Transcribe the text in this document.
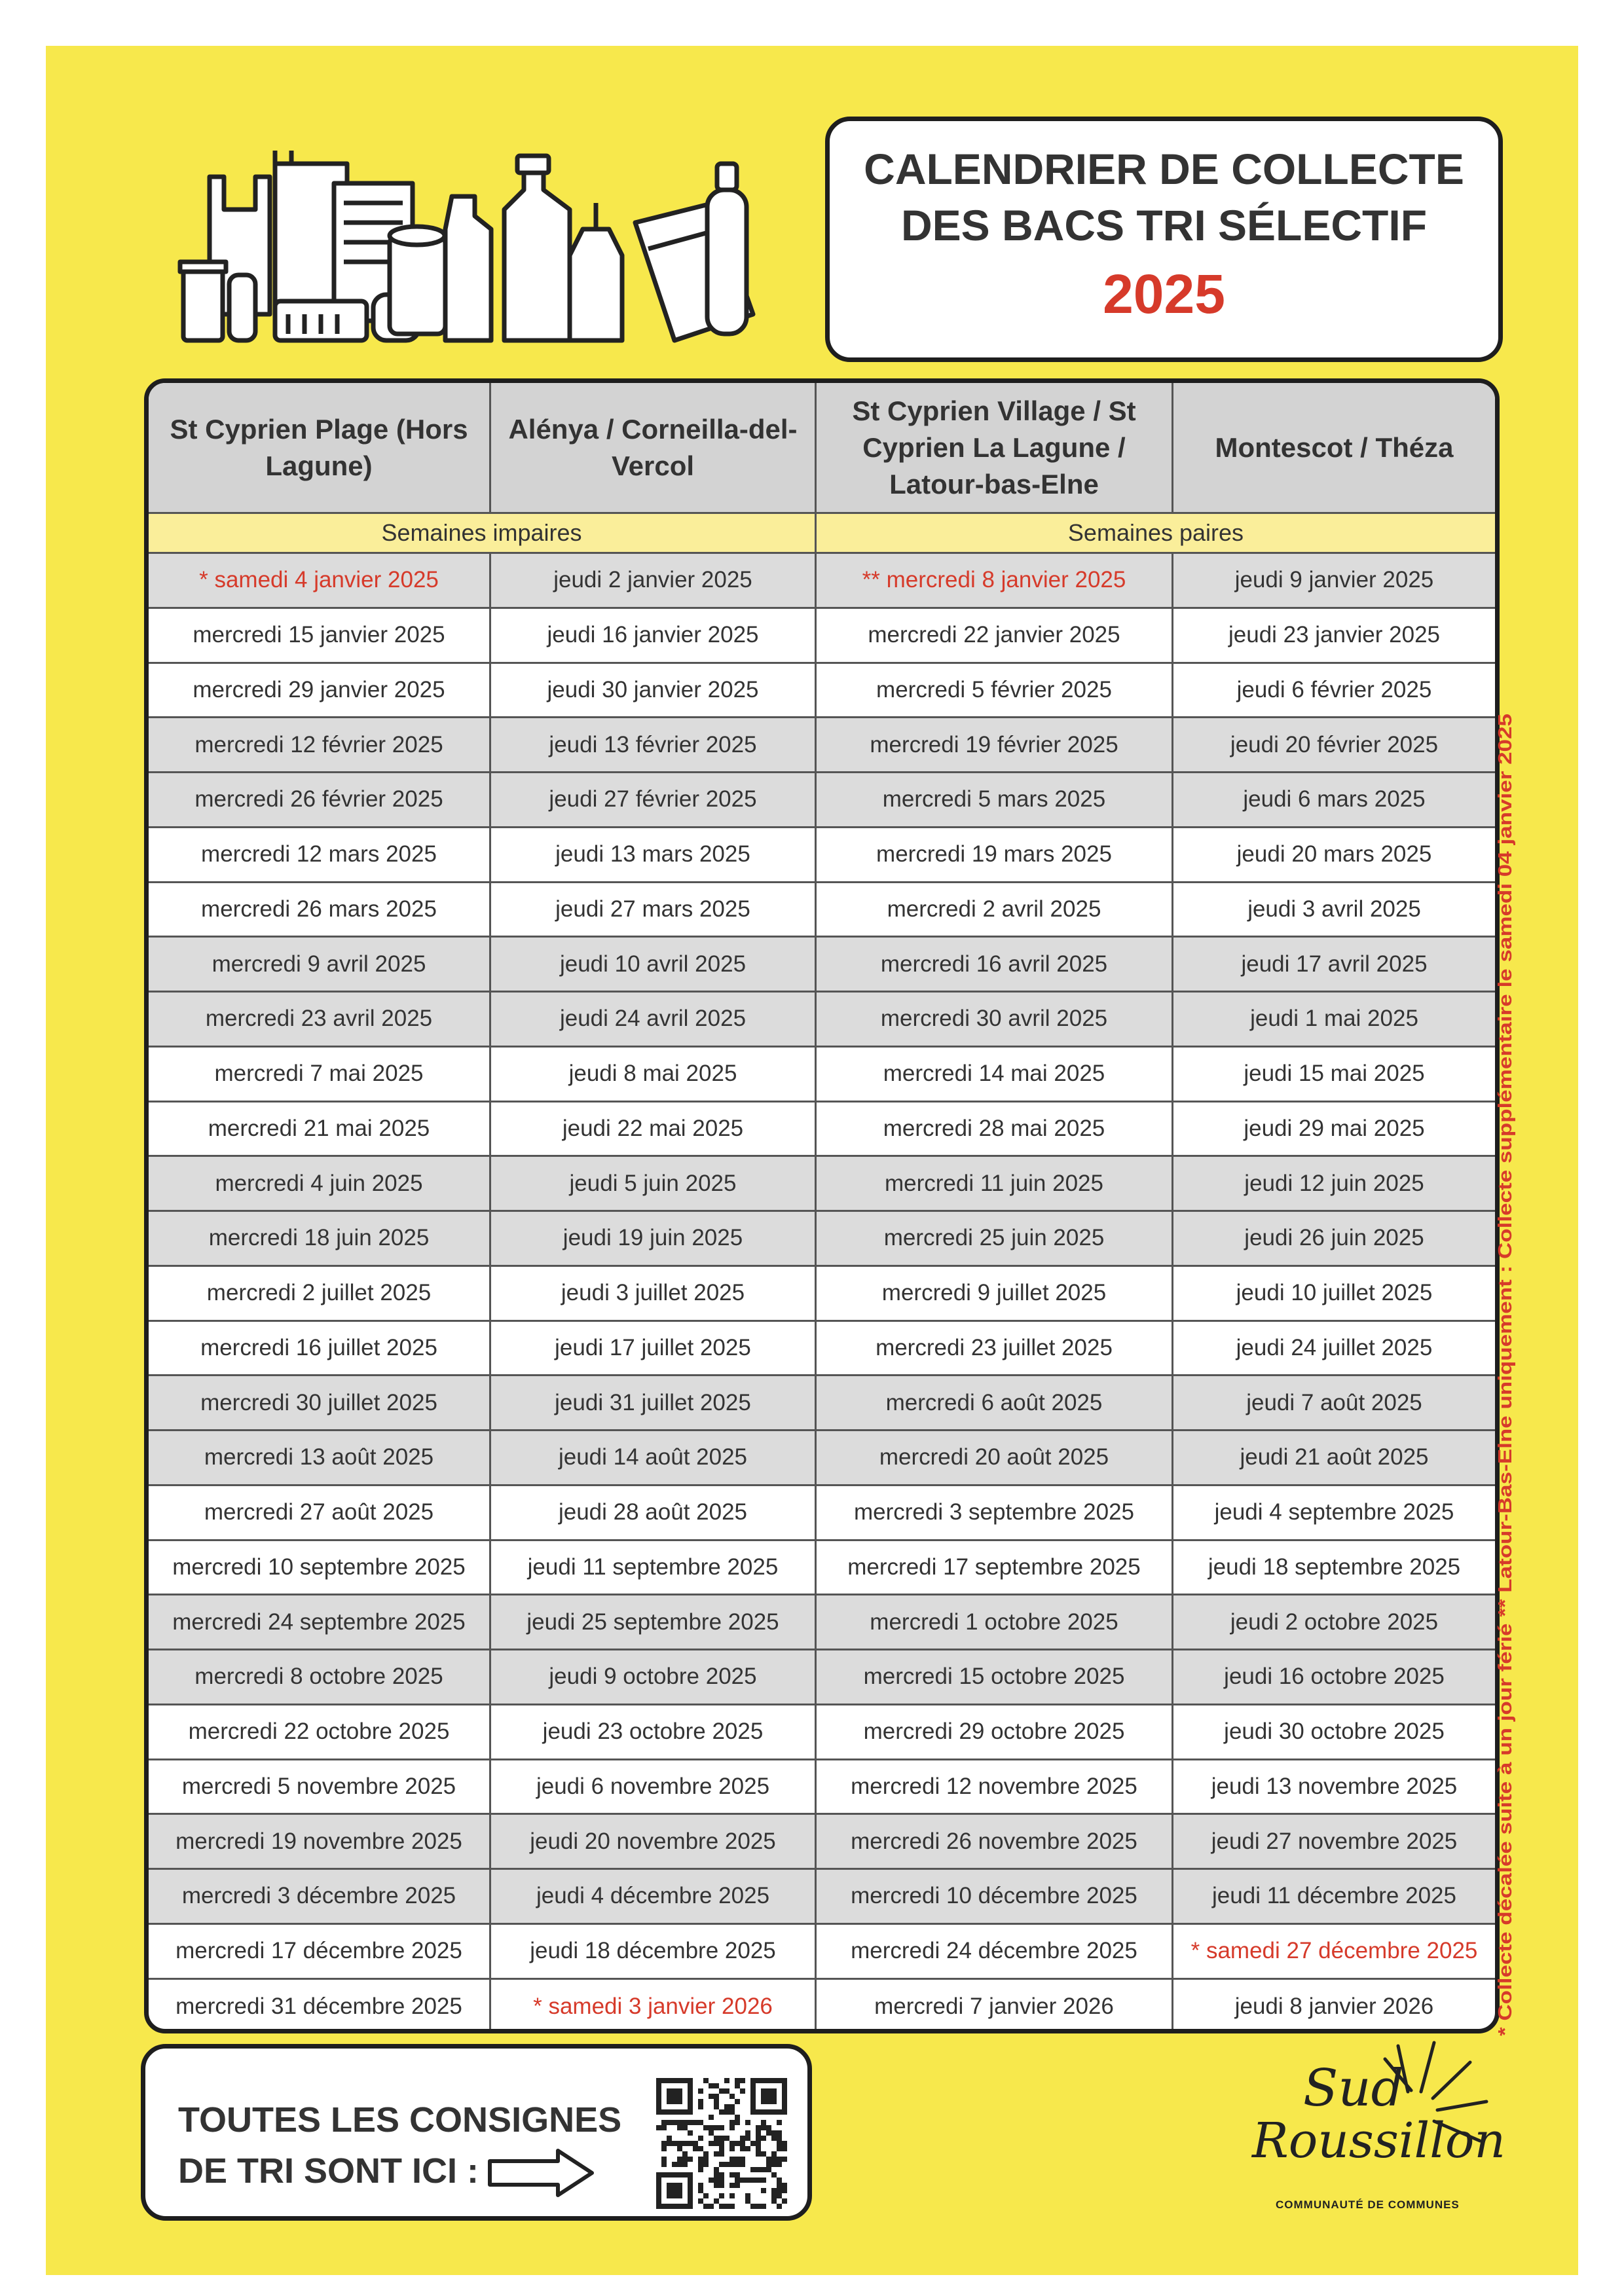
CALENDRIER DE COLLECTE
DES BACS TRI SÉLECTIF
2025
St Cyprien Plage (Hors Lagune)
Alénya / Corneilla-del-Vercol
St Cyprien Village / St Cyprien La Lagune / Latour-bas-Elne
Montescot / Théza
Semaines impaires	Semaines paires
* samedi 4 janvier 2025	jeudi 2 janvier 2025	** mercredi 8 janvier 2025	jeudi 9 janvier 2025
mercredi 15 janvier 2025	jeudi 16 janvier 2025	mercredi 22 janvier 2025	jeudi 23 janvier 2025
mercredi 29 janvier 2025	jeudi 30 janvier 2025	mercredi 5 février 2025	jeudi 6 février 2025
mercredi 12 février 2025	jeudi 13 février 2025	mercredi 19 février 2025	jeudi 20 février 2025
mercredi 26 février 2025	jeudi 27 février 2025	mercredi 5 mars 2025	jeudi 6 mars 2025
mercredi 12 mars 2025	jeudi 13 mars 2025	mercredi 19 mars 2025	jeudi 20 mars 2025
mercredi 26 mars 2025	jeudi 27 mars 2025	mercredi 2 avril 2025	jeudi 3 avril 2025
mercredi 9 avril 2025	jeudi 10 avril 2025	mercredi 16 avril 2025	jeudi 17 avril 2025
mercredi 23 avril 2025	jeudi 24 avril 2025	mercredi 30 avril 2025	jeudi 1 mai 2025
mercredi 7 mai 2025	jeudi 8 mai 2025	mercredi 14 mai 2025	jeudi 15 mai 2025
mercredi 21 mai 2025	jeudi 22 mai 2025	mercredi 28 mai 2025	jeudi 29 mai 2025
mercredi 4 juin 2025	jeudi 5 juin 2025	mercredi 11 juin 2025	jeudi 12 juin 2025
mercredi 18 juin 2025	jeudi 19 juin 2025	mercredi 25 juin 2025	jeudi 26 juin 2025
mercredi 2 juillet 2025	jeudi 3 juillet 2025	mercredi 9 juillet 2025	jeudi 10 juillet 2025
mercredi 16 juillet 2025	jeudi 17 juillet 2025	mercredi 23 juillet 2025	jeudi 24 juillet 2025
mercredi 30 juillet 2025	jeudi 31 juillet 2025	mercredi 6 août 2025	jeudi 7 août 2025
mercredi 13 août 2025	jeudi 14 août 2025	mercredi 20 août 2025	jeudi 21 août 2025
mercredi 27 août 2025	jeudi 28 août 2025	mercredi 3 septembre 2025	jeudi 4 septembre 2025
mercredi 10 septembre 2025	jeudi 11 septembre 2025	mercredi 17 septembre 2025	jeudi 18 septembre 2025
mercredi 24 septembre 2025	jeudi 25 septembre 2025	mercredi 1 octobre 2025	jeudi 2 octobre 2025
mercredi 8 octobre 2025	jeudi 9 octobre 2025	mercredi 15 octobre 2025	jeudi 16 octobre 2025
mercredi 22 octobre 2025	jeudi 23 octobre 2025	mercredi 29 octobre 2025	jeudi 30 octobre 2025
mercredi 5 novembre 2025	jeudi 6 novembre 2025	mercredi 12 novembre 2025	jeudi 13 novembre 2025
mercredi 19 novembre 2025	jeudi 20 novembre 2025	mercredi 26 novembre 2025	jeudi 27 novembre 2025
mercredi 3 décembre 2025	jeudi 4 décembre 2025	mercredi 10 décembre 2025	jeudi 11 décembre 2025
mercredi 17 décembre 2025	jeudi 18 décembre 2025	mercredi 24 décembre 2025	* samedi 27 décembre 2025
mercredi 31 décembre 2025	* samedi 3 janvier 2026	mercredi 7 janvier 2026	jeudi 8 janvier 2026	* Collecte décalée suite à un jour férié ** Latour-Bas-Elne uniquement : Collecte supplémentaire le samedi 04 janvier 2025
TOUTES LES CONSIGNES
DE TRI SONT ICI :
Sud
Roussillon
COMMUNAUTÉ DE COMMUNES
